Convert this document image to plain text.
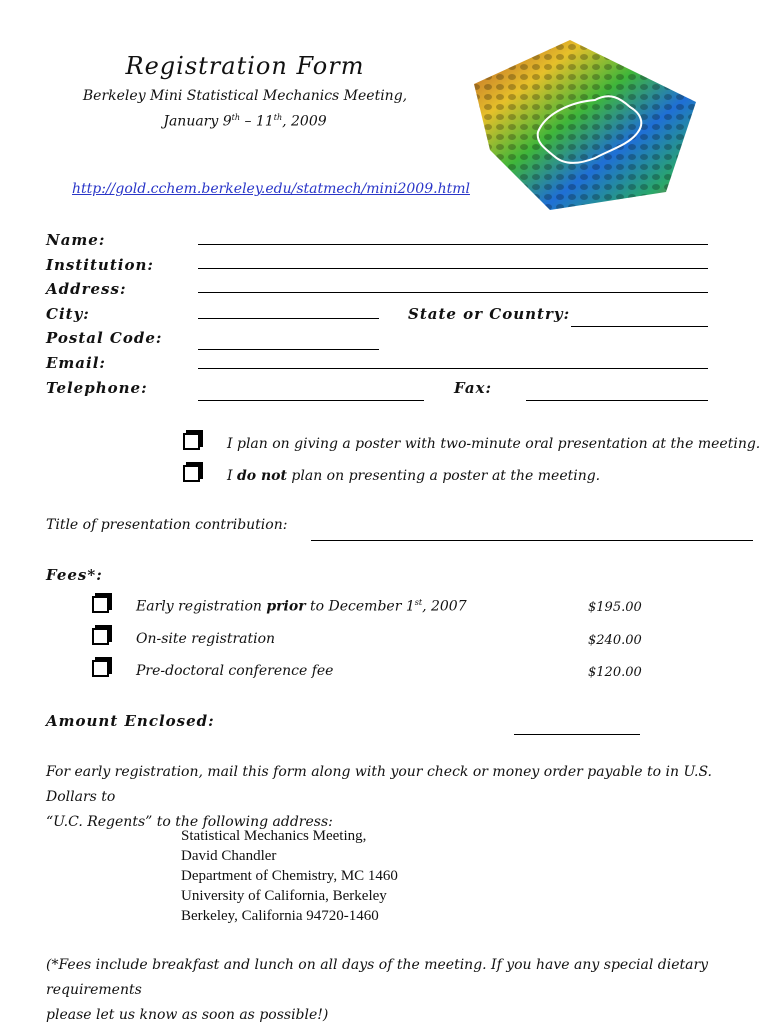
Registration Form
Berkeley Mini Statistical Mechanics Meeting,
January 9th – 11th, 2009
http://gold.cchem.berkeley.edu/statmech/mini2009.html
Name:
Institution:
Address:
City:	State or Country:
Postal Code:
Email:
Telephone:	Fax:
I plan on giving a poster with two-minute oral presentation at the meeting.
I do not plan on presenting a poster at the meeting.
Title of presentation contribution:
Fees*:
Early registration prior to December 1st, 2007	$195.00
On-site registration	$240.00
Pre-doctoral conference fee	$120.00
Amount Enclosed:
For early registration, mail this form along with your check or money order payable to in U.S. Dollars to
“U.C. Regents” to the following address:
Statistical Mechanics Meeting,
David Chandler
Department of Chemistry, MC 1460
University of California, Berkeley
Berkeley, California 94720-1460
(*Fees include breakfast and lunch on all days of the meeting. If you have any special dietary requirements
please let us know as soon as possible!)
